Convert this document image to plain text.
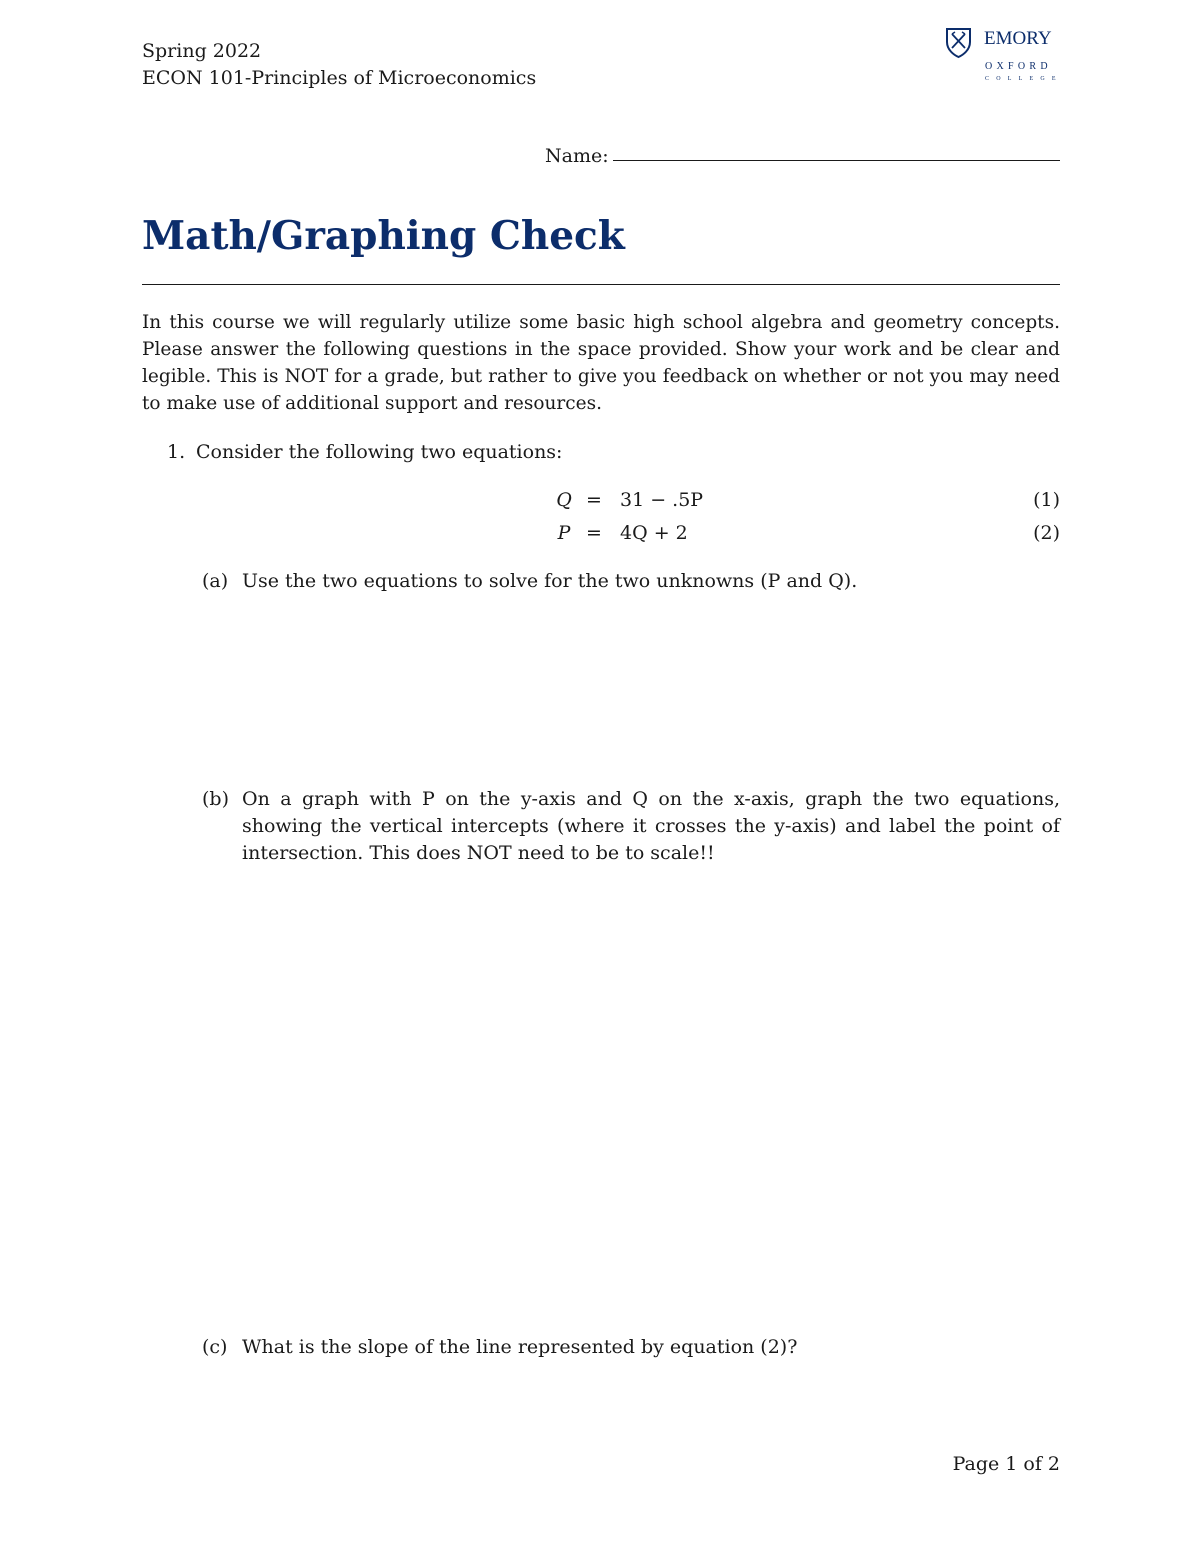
Spring 2022
ECON 101-Principles of Microeconomics
EMORY
OXFORD
COLLEGE
Name:
Math/Graphing Check
In this course we will regularly utilize some basic high school algebra and geometry concepts. Please answer the following questions in the space provided. Show your work and be clear and legible. This is NOT for a grade, but rather to give you feedback on whether or not you may need to make use of additional support and resources.
1. Consider the following two equations:
Q = 31 − .5P	(1)
P = 4Q + 2	(2)
(a) Use the two equations to solve for the two unknowns (P and Q).
(b) On a graph with P on the y-axis and Q on the x-axis, graph the two equations, showing the vertical intercepts (where it crosses the y-axis) and label the point of intersection. This does NOT need to be to scale!!
(c) What is the slope of the line represented by equation (2)?
Page 1 of 2
